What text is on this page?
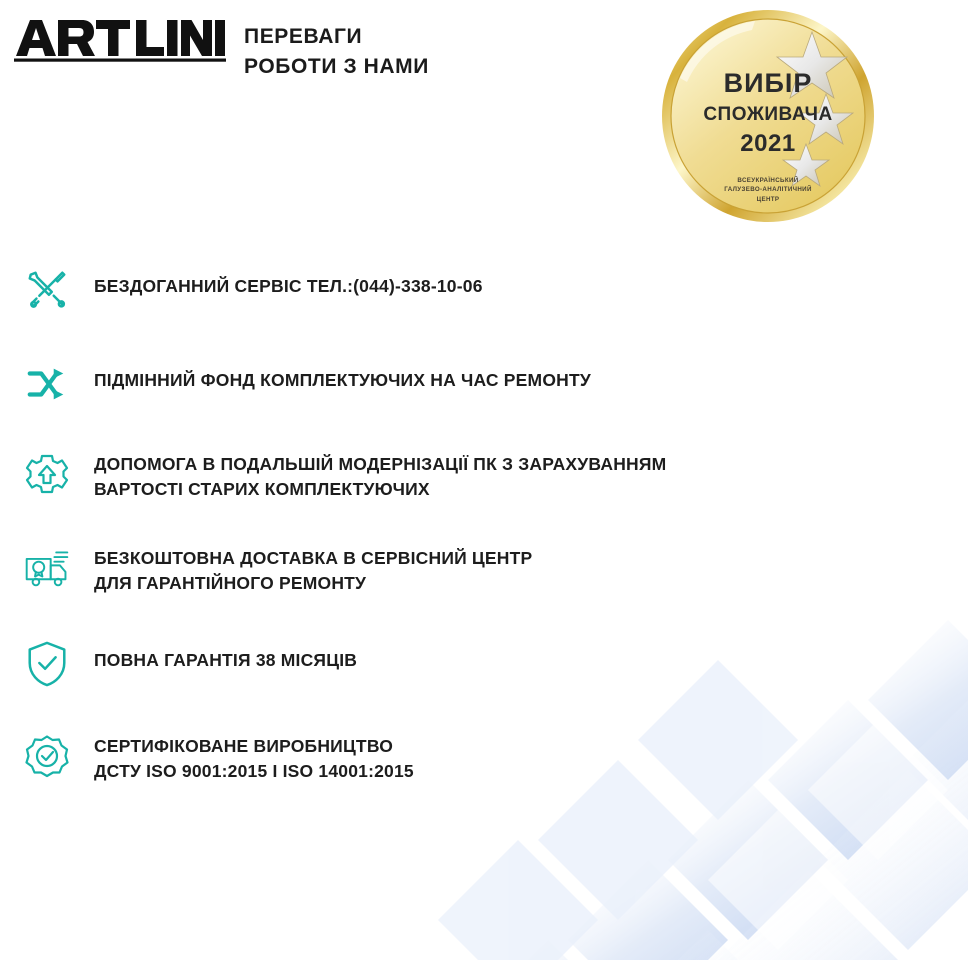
ПЕРЕВАГИ
РОБОТИ З НАМИ
ВИБІР
СПОЖИВАЧА
2021
ВСЕУКРАЇНСЬКИЙ
ГАЛУЗЕВО-АНАЛІТИЧНИЙ
ЦЕНТР
БЕЗДОГАННИЙ СЕРВІС ТЕЛ.:(044)-338-10-06
ПІДМІННИЙ ФОНД КОМПЛЕКТУЮЧИХ НА ЧАС РЕМОНТУ
ДОПОМОГА В ПОДАЛЬШІЙ МОДЕРНІЗАЦІЇ ПК З ЗАРАХУВАННЯМ
ВАРТОСТІ СТАРИХ КОМПЛЕКТУЮЧИХ
БЕЗКОШТОВНА ДОСТАВКА В СЕРВІСНИЙ ЦЕНТР
ДЛЯ ГАРАНТІЙНОГО РЕМОНТУ
ПОВНА ГАРАНТІЯ 38 МІСЯЦІВ
СЕРТИФІКОВАНЕ ВИРОБНИЦТВО
ДСТУ ISO 9001:2015 І ISO 14001:2015
